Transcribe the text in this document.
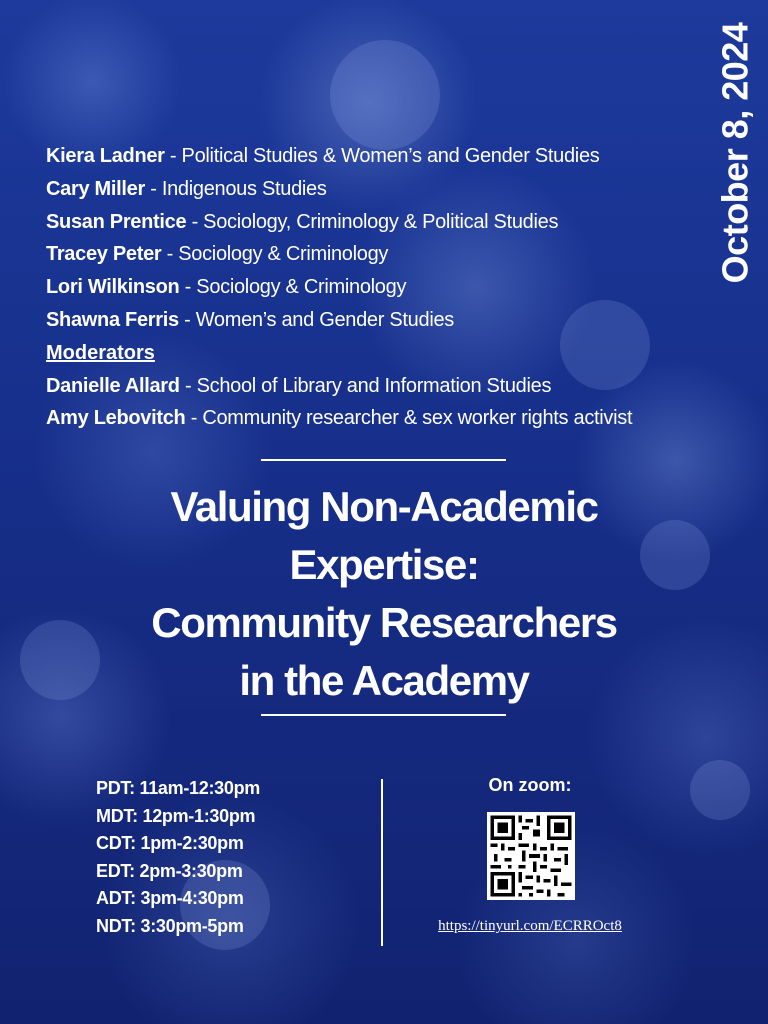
October 8, 2024
Kiera Ladner - Political Studies & Women’s and Gender Studies
Cary Miller - Indigenous Studies
Susan Prentice - Sociology, Criminology & Political Studies
Tracey Peter - Sociology & Criminology
Lori Wilkinson - Sociology & Criminology
Shawna Ferris - Women’s and Gender Studies
Moderators
Danielle Allard - School of Library and Information Studies
Amy Lebovitch - Community researcher & sex worker rights activist
Valuing Non-Academic
Expertise:
Community Researchers
in the Academy
PDT: 11am-12:30pm
MDT: 12pm-1:30pm
CDT: 1pm-2:30pm
EDT: 2pm-3:30pm
ADT: 3pm-4:30pm
NDT: 3:30pm-5pm
On zoom:
https://tinyurl.com/ECRROct8
